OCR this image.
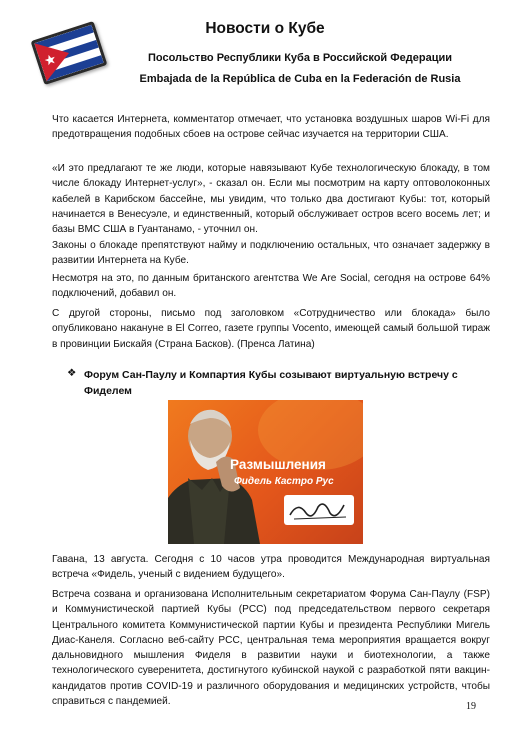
Новости о Кубе
Посольство Республики Куба в Российской Федерации
Embajada de la República de Cuba en la Federación de Rusia

Что касается Интернета, комментатор отмечает, что установка воздушных шаров Wi-Fi для предотвращения подобных сбоев на острове сейчас изучается на территории США.

«И это предлагают те же люди, которые навязывают Кубе технологическую блокаду, в том числе блокаду Интернет-услуг», - сказал он. Если мы посмотрим на карту оптоволоконных кабелей в Карибском бассейне, мы увидим, что только два достигают Кубы: тот, который начинается в Венесуэле, и единственный, который обслуживает остров всего восемь лет; и базы ВМС США в Гуантанамо, - уточнил он.

Законы о блокаде препятствуют найму и подключению остальных, что означает задержку в развитии Интернета на Кубе.

Несмотря на это, по данным британского агентства We Are Social, сегодня на острове 64% подключений, добавил он.

С другой стороны, письмо под заголовком «Сотрудничество или блокада» было опубликовано накануне в El Correo, газете группы Vocento, имеющей самый большой тираж в провинции Бискайя (Страна Басков). (Пренса Латина)

❖ Форум Сан-Паулу и Компартия Кубы созывают виртуальную встречу с Фиделем
Размышления
Фидель Кастро Рус

Гавана, 13 августа. Сегодня с 10 часов утра проводится Международная виртуальная встреча «Фидель, ученый с видением будущего».

Встреча созвана и организована Исполнительным секретариатом Форума Сан-Паулу (FSP) и Коммунистической партией Кубы (PCC) под председательством первого секретаря Центрального комитета Коммунистической партии Кубы и президента Республики Мигель Диас-Канеля. Согласно веб-сайту PCC, центральная тема мероприятия вращается вокруг дальновидного мышления Фиделя в развитии науки и биотехнологии, а также технологического суверенитета, достигнутого кубинской наукой с разработкой пяти вакцин-кандидатов против COVID-19 и различного оборудования и медицинских устройств, чтобы справиться с пандемией.	19
